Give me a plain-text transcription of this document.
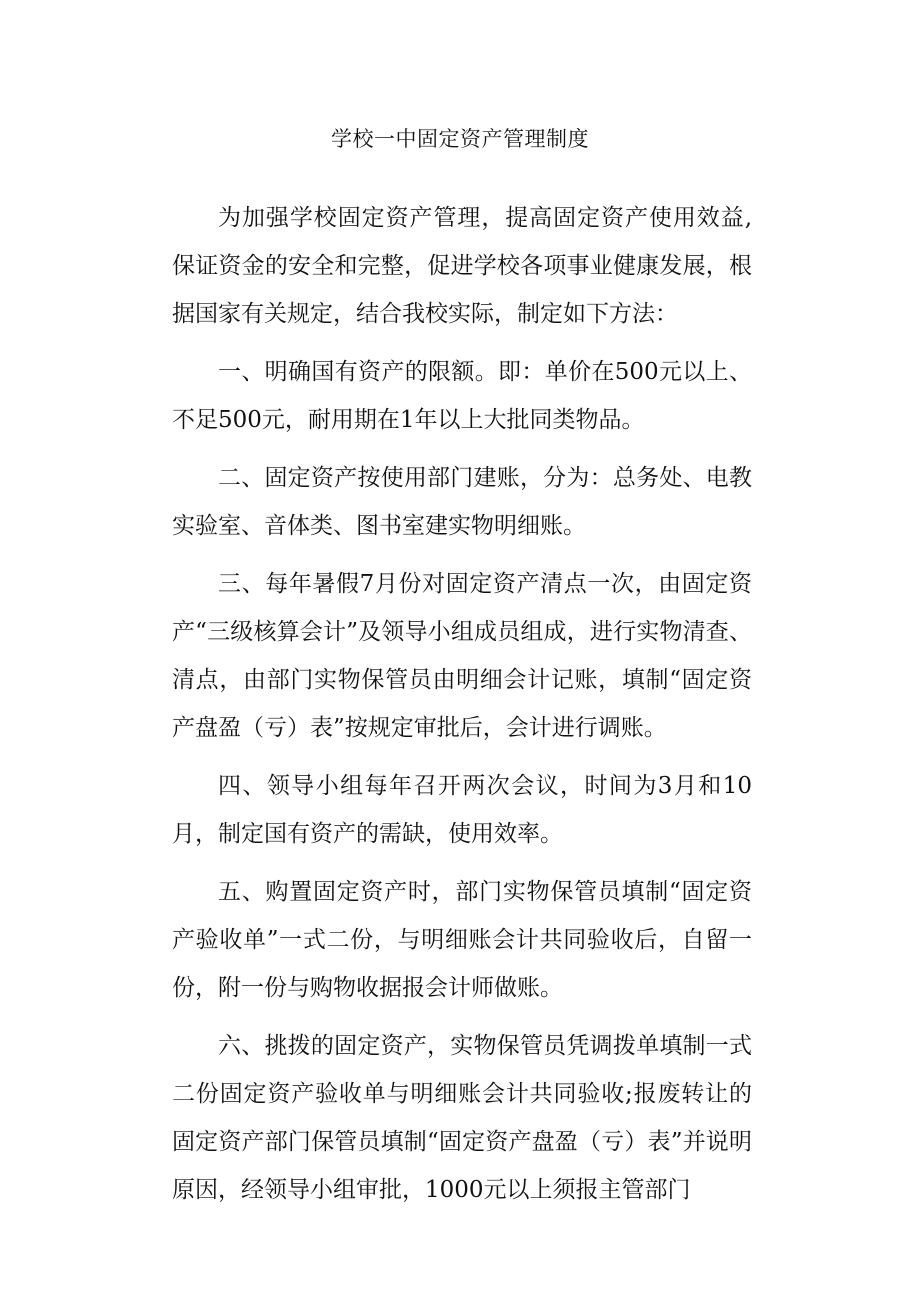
学校一中固定资产管理制度

为加强学校固定资产管理，提高固定资产使用效益,保证资金的安全和完整，促进学校各项事业健康发展，根据国家有关规定，结合我校实际，制定如下方法：

一、明确国有资产的限额。即：单价在500元以上、不足500元，耐用期在1年以上大批同类物品。

二、固定资产按使用部门建账，分为：总务处、电教实验室、音体类、图书室建实物明细账。

三、每年暑假7月份对固定资产清点一次，由固定资产“三级核算会计”及领导小组成员组成，进行实物清查、清点，由部门实物保管员由明细会计记账，填制“固定资产盘盈（亏）表”按规定审批后，会计进行调账。

四、领导小组每年召开两次会议，时间为3月和10月，制定国有资产的需缺，使用效率。

五、购置固定资产时，部门实物保管员填制“固定资产验收单”一式二份，与明细账会计共同验收后，自留一份，附一份与购物收据报会计师做账。

六、挑拨的固定资产，实物保管员凭调拨单填制一式二份固定资产验收单与明细账会计共同验收;报废转让的固定资产部门保管员填制“固定资产盘盈（亏）表”并说明原因，经领导小组审批，1000元以上须报主管部门
